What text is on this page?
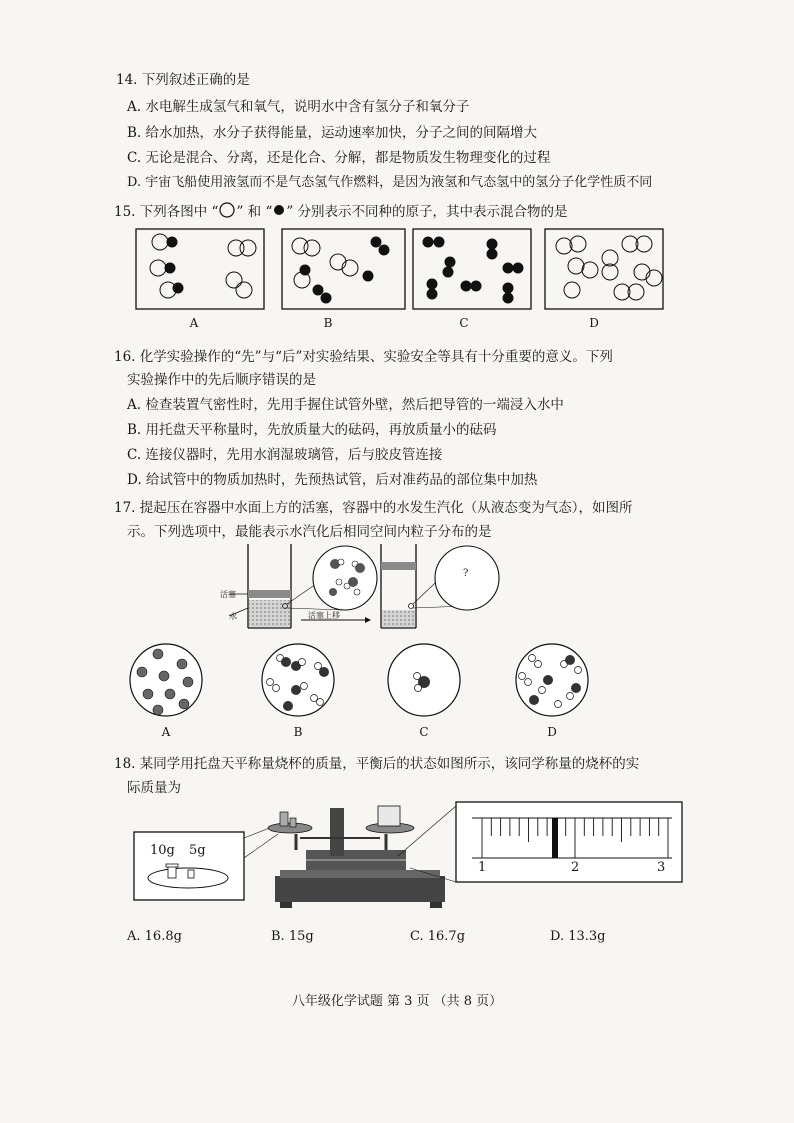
14. 下列叙述正确的是
A. 水电解生成氢气和氧气，说明水中含有氢分子和氧分子
B. 给水加热，水分子获得能量，运动速率加快，分子之间的间隔增大
C. 无论是混合、分离，还是化合、分解，都是物质发生物理变化的过程
D. 宇宙飞船使用液氢而不是气态氢气作燃料，是因为液氢和气态氢中的氢分子化学性质不同
15. 下列各图中 “ ” 和 “ ” 分别表示不同种的原子，其中表示混合物的是
A	B	C	D
16. 化学实验操作的“先”与“后”对实验结果、实验安全等具有十分重要的意义。下列
实验操作中的先后顺序错误的是
A. 检查装置气密性时，先用手握住试管外壁，然后把导管的一端浸入水中
B. 用托盘天平称量时，先放质量大的砝码，再放质量小的砝码
C. 连接仪器时，先用水润湿玻璃管，后与胶皮管连接
D. 给试管中的物质加热时，先预热试管，后对准药品的部位集中加热
17. 提起压在容器中水面上方的活塞，容器中的水发生汽化（从液态变为气态），如图所
示。下列选项中，最能表示水汽化后相同空间内粒子分布的是
活塞
水	活塞上移
?
A	B	C	D
18. 某同学用托盘天平称量烧杯的质量，平衡后的状态如图所示，该同学称量的烧杯的实
际质量为
10g 5g
1	2	3
A. 16.8g	B. 15g	C. 16.7g	D. 13.3g
八年级化学试题 第 3 页 （共 8 页）
